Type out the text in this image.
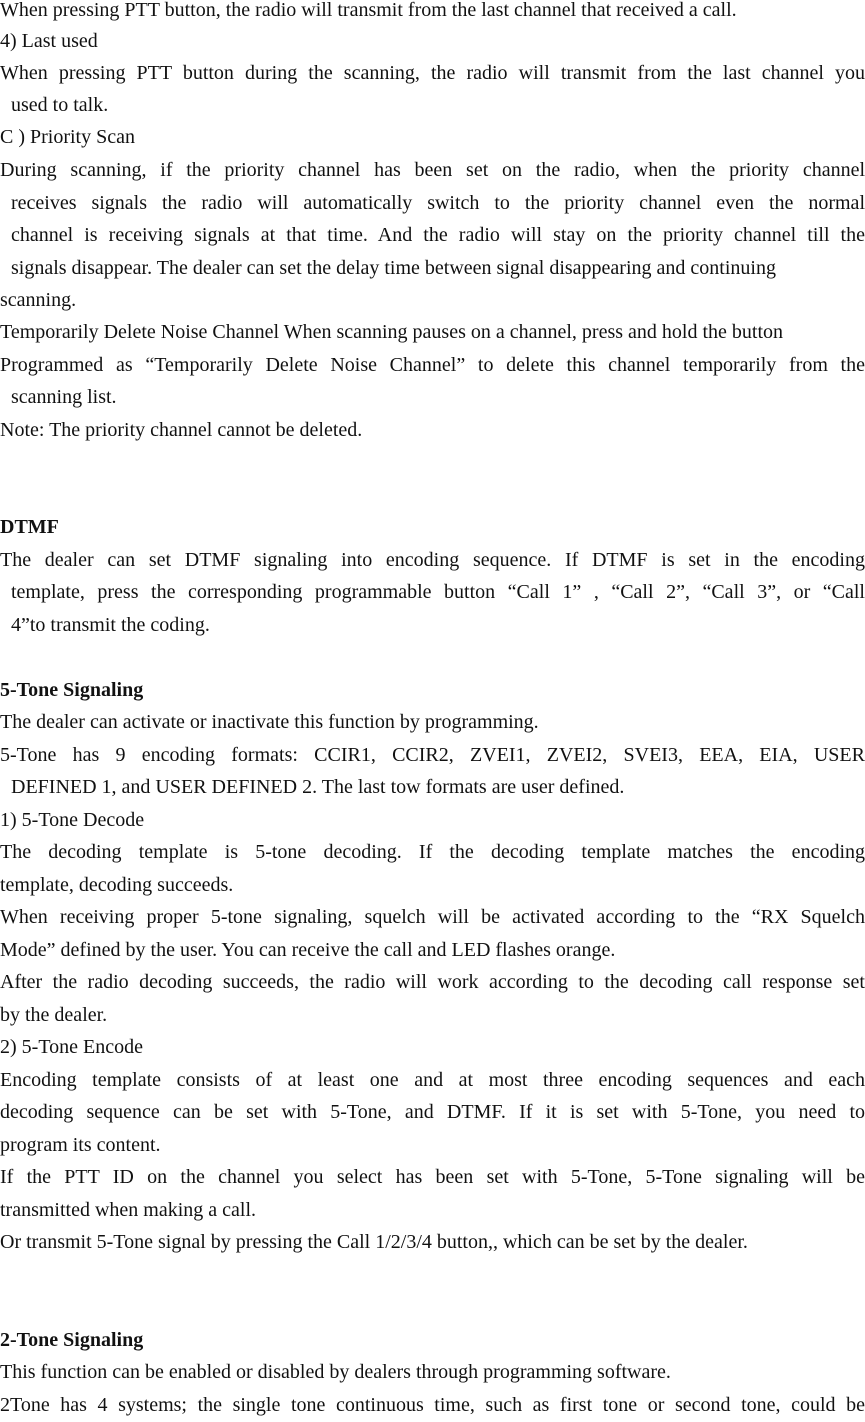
When pressing PTT button, the radio will transmit from the last channel that received a call.
4) Last used
When pressing PTT button during the scanning, the radio will transmit from the last channel you
used to talk.
C ) Priority Scan
During scanning, if the priority channel has been set on the radio, when the priority channel
receives signals the radio will automatically switch to the priority channel even the normal
channel is receiving signals at that time. And the radio will stay on the priority channel till the
signals disappear. The dealer can set the delay time between signal disappearing and continuing
scanning.
Temporarily Delete Noise Channel When scanning pauses on a channel, press and hold the button
Programmed as “Temporarily Delete Noise Channel” to delete this channel temporarily from the
scanning list.
Note: The priority channel cannot be deleted.
DTMF
The dealer can set DTMF signaling into encoding sequence. If DTMF is set in the encoding
template, press the corresponding programmable button “Call 1” , “Call 2”, “Call 3”, or “Call
4”to transmit the coding.
5-Tone Signaling
The dealer can activate or inactivate this function by programming.
5-Tone has 9 encoding formats: CCIR1, CCIR2, ZVEI1, ZVEI2, SVEI3, EEA, EIA, USER
DEFINED 1, and USER DEFINED 2. The last tow formats are user defined.
1) 5-Tone Decode
The decoding template is 5-tone decoding. If the decoding template matches the encoding
template, decoding succeeds.
When receiving proper 5-tone signaling, squelch will be activated according to the “RX Squelch
Mode” defined by the user. You can receive the call and LED flashes orange.
After the radio decoding succeeds, the radio will work according to the decoding call response set
by the dealer.
2) 5-Tone Encode
Encoding template consists of at least one and at most three encoding sequences and each
decoding sequence can be set with 5-Tone, and DTMF. If it is set with 5-Tone, you need to
program its content.
If the PTT ID on the channel you select has been set with 5-Tone, 5-Tone signaling will be
transmitted when making a call.
Or transmit 5-Tone signal by pressing the Call 1/2/3/4 button,, which can be set by the dealer.
2-Tone Signaling
This function can be enabled or disabled by dealers through programming software.
2Tone has 4 systems; the single tone continuous time, such as first tone or second tone, could be
